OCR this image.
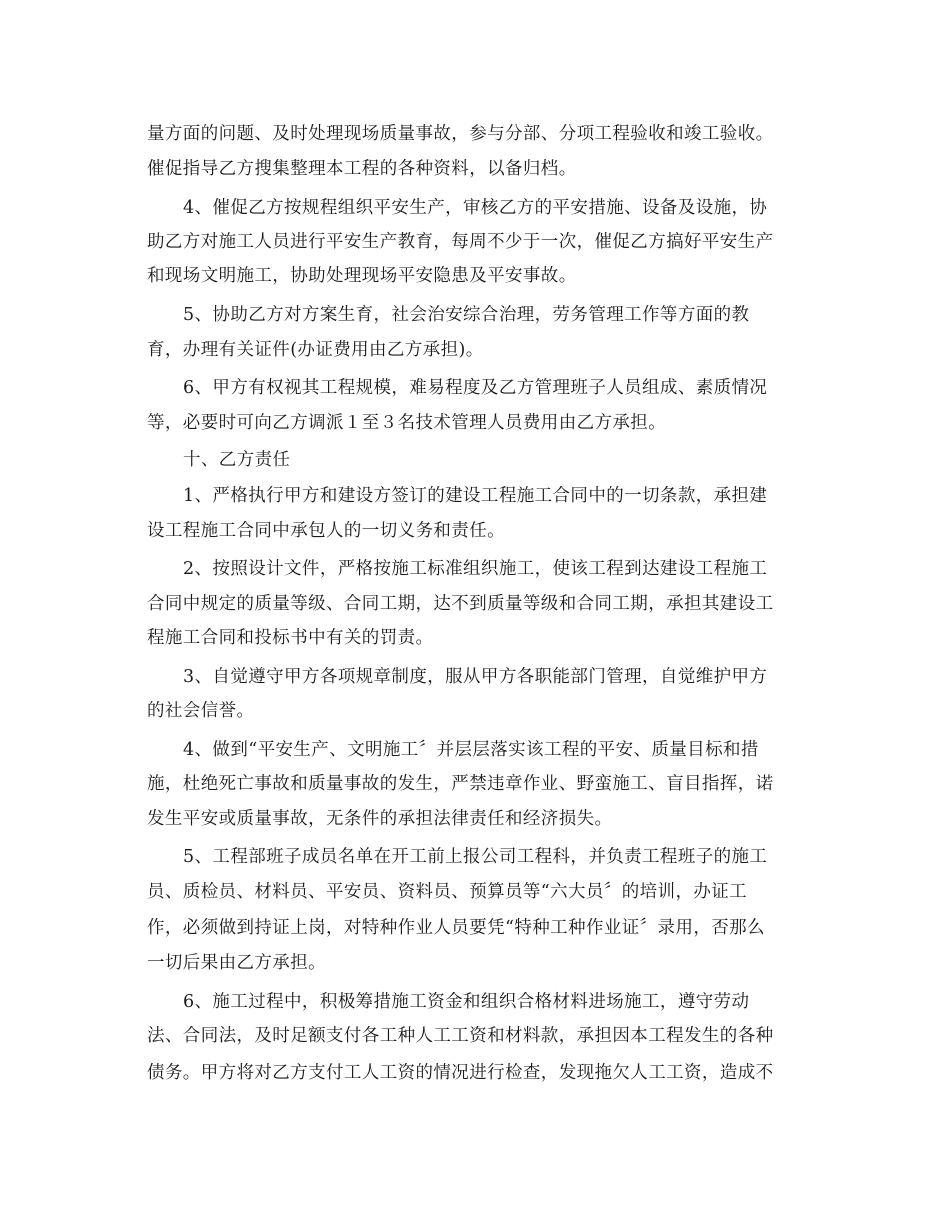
量方面的问题、及时处理现场质量事故，参与分部、分项工程验收和竣工验收。
催促指导乙方搜集整理本工程的各种资料，以备归档。
4、催促乙方按规程组织平安生产，审核乙方的平安措施、设备及设施，协
助乙方对施工人员进行平安生产教育，每周不少于一次，催促乙方搞好平安生产
和现场文明施工，协助处理现场平安隐患及平安事故。
5、协助乙方对方案生育，社会治安综合治理，劳务管理工作等方面的教
育，办理有关证件(办证费用由乙方承担)。
6、甲方有权视其工程规模，难易程度及乙方管理班子人员组成、素质情况
等，必要时可向乙方调派１至３名技术管理人员费用由乙方承担。
十、乙方责任
1、严格执行甲方和建设方签订的建设工程施工合同中的一切条款，承担建
设工程施工合同中承包人的一切义务和责任。
2、按照设计文件，严格按施工标准组织施工，使该工程到达建设工程施工
合同中规定的质量等级、合同工期，达不到质量等级和合同工期，承担其建设工
程施工合同和投标书中有关的罚责。
3、自觉遵守甲方各项规章制度，服从甲方各职能部门管理，自觉维护甲方
的社会信誉。
4、做到“平安生产、文明施工〞并层层落实该工程的平安、质量目标和措
施，杜绝死亡事故和质量事故的发生，严禁违章作业、野蛮施工、盲目指挥，诺
发生平安或质量事故，无条件的承担法律责任和经济损失。
5、工程部班子成员名单在开工前上报公司工程科，并负责工程班子的施工
员、质检员、材料员、平安员、资料员、预算员等“六大员〞的培训，办证工
作，必须做到持证上岗，对特种作业人员要凭“特种工种作业证〞录用，否那么
一切后果由乙方承担。
6、施工过程中，积极筹措施工资金和组织合格材料进场施工，遵守劳动
法、合同法，及时足额支付各工种人工工资和材料款，承担因本工程发生的各种
债务。甲方将对乙方支付工人工资的情况进行检查，发现拖欠人工工资，造成不
